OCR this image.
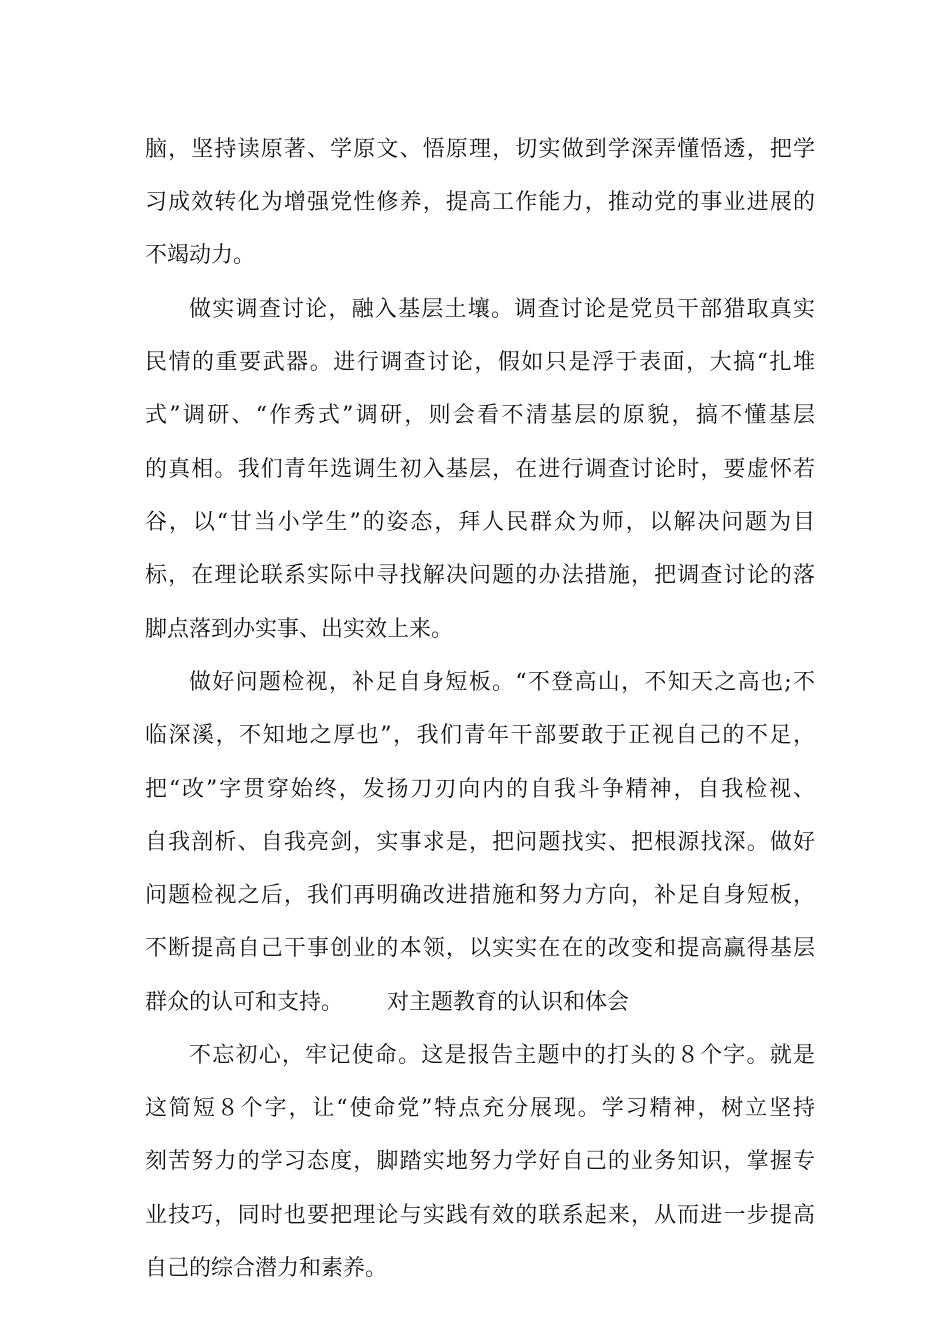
脑，坚持读原著、学原文、悟原理，切实做到学深弄懂悟透，把学
习成效转化为增强党性修养，提高工作能力，推动党的事业进展的
不竭动力。
做实调查讨论，融入基层土壤。调查讨论是党员干部猎取真实
民情的重要武器。进行调查讨论，假如只是浮于表面，大搞“扎堆
式”调研、“作秀式”调研，则会看不清基层的原貌，搞不懂基层
的真相。我们青年选调生初入基层，在进行调查讨论时，要虚怀若
谷，以“甘当小学生”的姿态，拜人民群众为师，以解决问题为目
标，在理论联系实际中寻找解决问题的办法措施，把调查讨论的落
脚点落到办实事、出实效上来。
做好问题检视，补足自身短板。“不登高山，不知天之高也;不
临深溪，不知地之厚也”，我们青年干部要敢于正视自己的不足，
把“改”字贯穿始终，发扬刀刃向内的自我斗争精神，自我检视、
自我剖析、自我亮剑，实事求是，把问题找实、把根源找深。做好
问题检视之后，我们再明确改进措施和努力方向，补足自身短板，
不断提高自己干事创业的本领，以实实在在的改变和提高赢得基层
群众的认可和支持。 对主题教育的认识和体会
不忘初心，牢记使命。这是报告主题中的打头的８个字。就是
这简短８个字，让“使命党”特点充分展现。学习精神，树立坚持
刻苦努力的学习态度，脚踏实地努力学好自己的业务知识，掌握专
业技巧，同时也要把理论与实践有效的联系起来，从而进一步提高
自己的综合潜力和素养。
